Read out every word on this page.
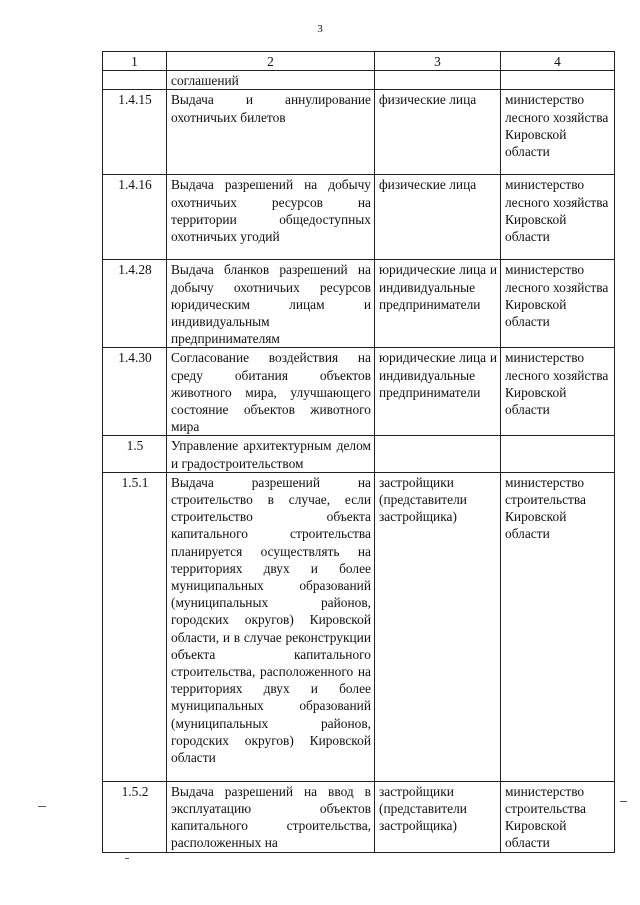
3
1	2	3	4
	соглашений		
1.4.15	Выдача и аннулирование охотничьих билетов	физические лица	министерство лесного хозяйства Кировской области
1.4.16	Выдача разрешений на добычу охотничьих ресурсов на территории общедоступных охотничьих угодий	физические лица	министерство лесного хозяйства Кировской области
1.4.28	Выдача бланков разрешений на добычу охотничьих ресурсов юридическим лицам и индивидуальным предпринимателям	юридические лица и индивидуальные предприниматели	министерство лесного хозяйства Кировской области
1.4.30	Согласование воздействия на среду обитания объектов животного мира, улучшающего состояние объектов животного мира	юридические лица и индивидуальные предприниматели	министерство лесного хозяйства Кировской области
1.5	Управление архитектурным делом и градостроительством		
1.5.1	Выдача разрешений на строительство в случае, если строительство объекта капитального строительства планируется осуществлять на территориях двух и более муниципальных образований (муниципальных районов, городских округов) Кировской области, и в случае реконструкции объекта капитального строительства, расположенного на территориях двух и более муниципальных образований (муниципальных районов, городских округов) Кировской области	застройщики (представители застройщика)	министерство строительства Кировской области
1.5.2	Выдача разрешений на ввод в эксплуатацию объектов капитального строительства, расположенных на	застройщики (представители застройщика)	министерство строительства Кировской области
